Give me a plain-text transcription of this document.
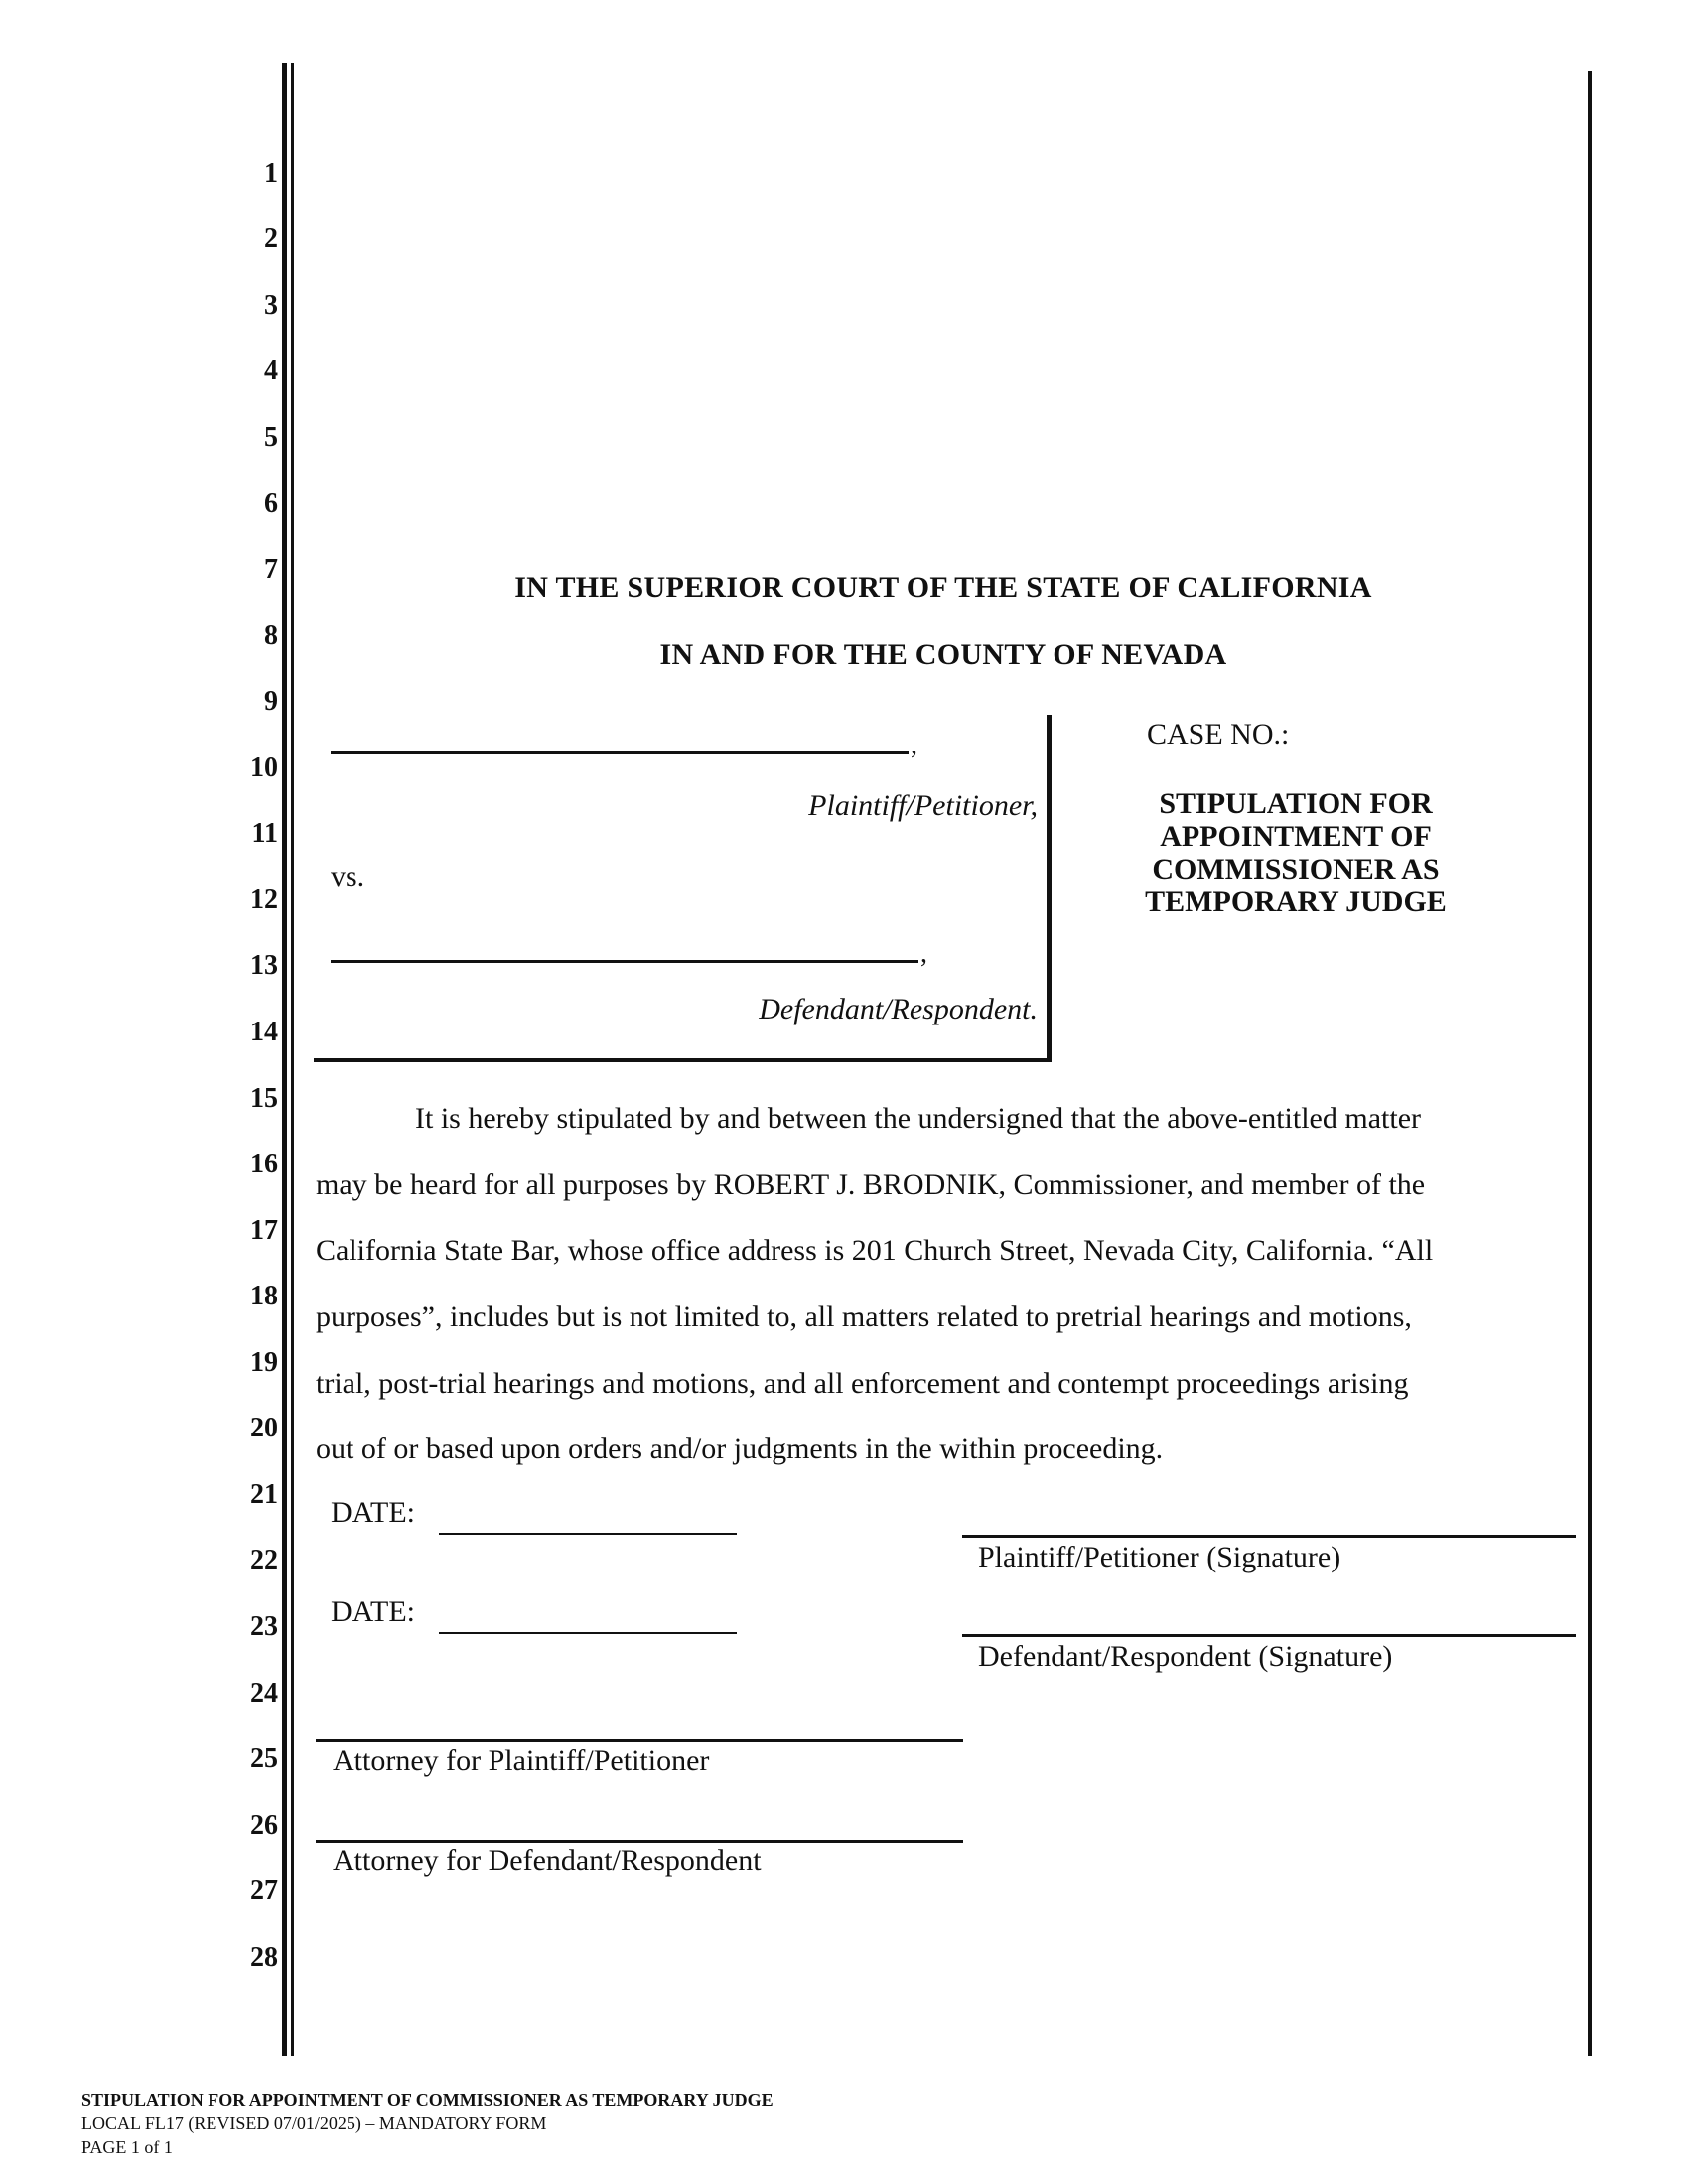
1
2
3
4
5
6
7
8
9
10
11
12
13
14
15
16
17
18
19
20
21
22
23
24
25
26
27
28
IN THE SUPERIOR COURT OF THE STATE OF CALIFORNIA
IN AND FOR THE COUNTY OF NEVADA
,
Plaintiff/Petitioner,
vs.
,
Defendant/Respondent.
CASE NO.:
STIPULATION FOR
APPOINTMENT OF
COMMISSIONER AS
TEMPORARY JUDGE
It is hereby stipulated by and between the undersigned that the above-entitled matter
may be heard for all purposes by ROBERT J. BRODNIK, Commissioner, and member of the
California State Bar, whose office address is 201 Church Street, Nevada City, California. “All
purposes”, includes but is not limited to, all matters related to pretrial hearings and motions,
trial, post-trial hearings and motions, and all enforcement and contempt proceedings arising
out of or based upon orders and/or judgments in the within proceeding.
DATE:
DATE:
Plaintiff/Petitioner (Signature)
Defendant/Respondent (Signature)
Attorney for Plaintiff/Petitioner
Attorney for Defendant/Respondent
STIPULATION FOR APPOINTMENT OF COMMISSIONER AS TEMPORARY JUDGE
LOCAL FL17 (REVISED 07/01/2025) – MANDATORY FORM
PAGE 1 of 1
